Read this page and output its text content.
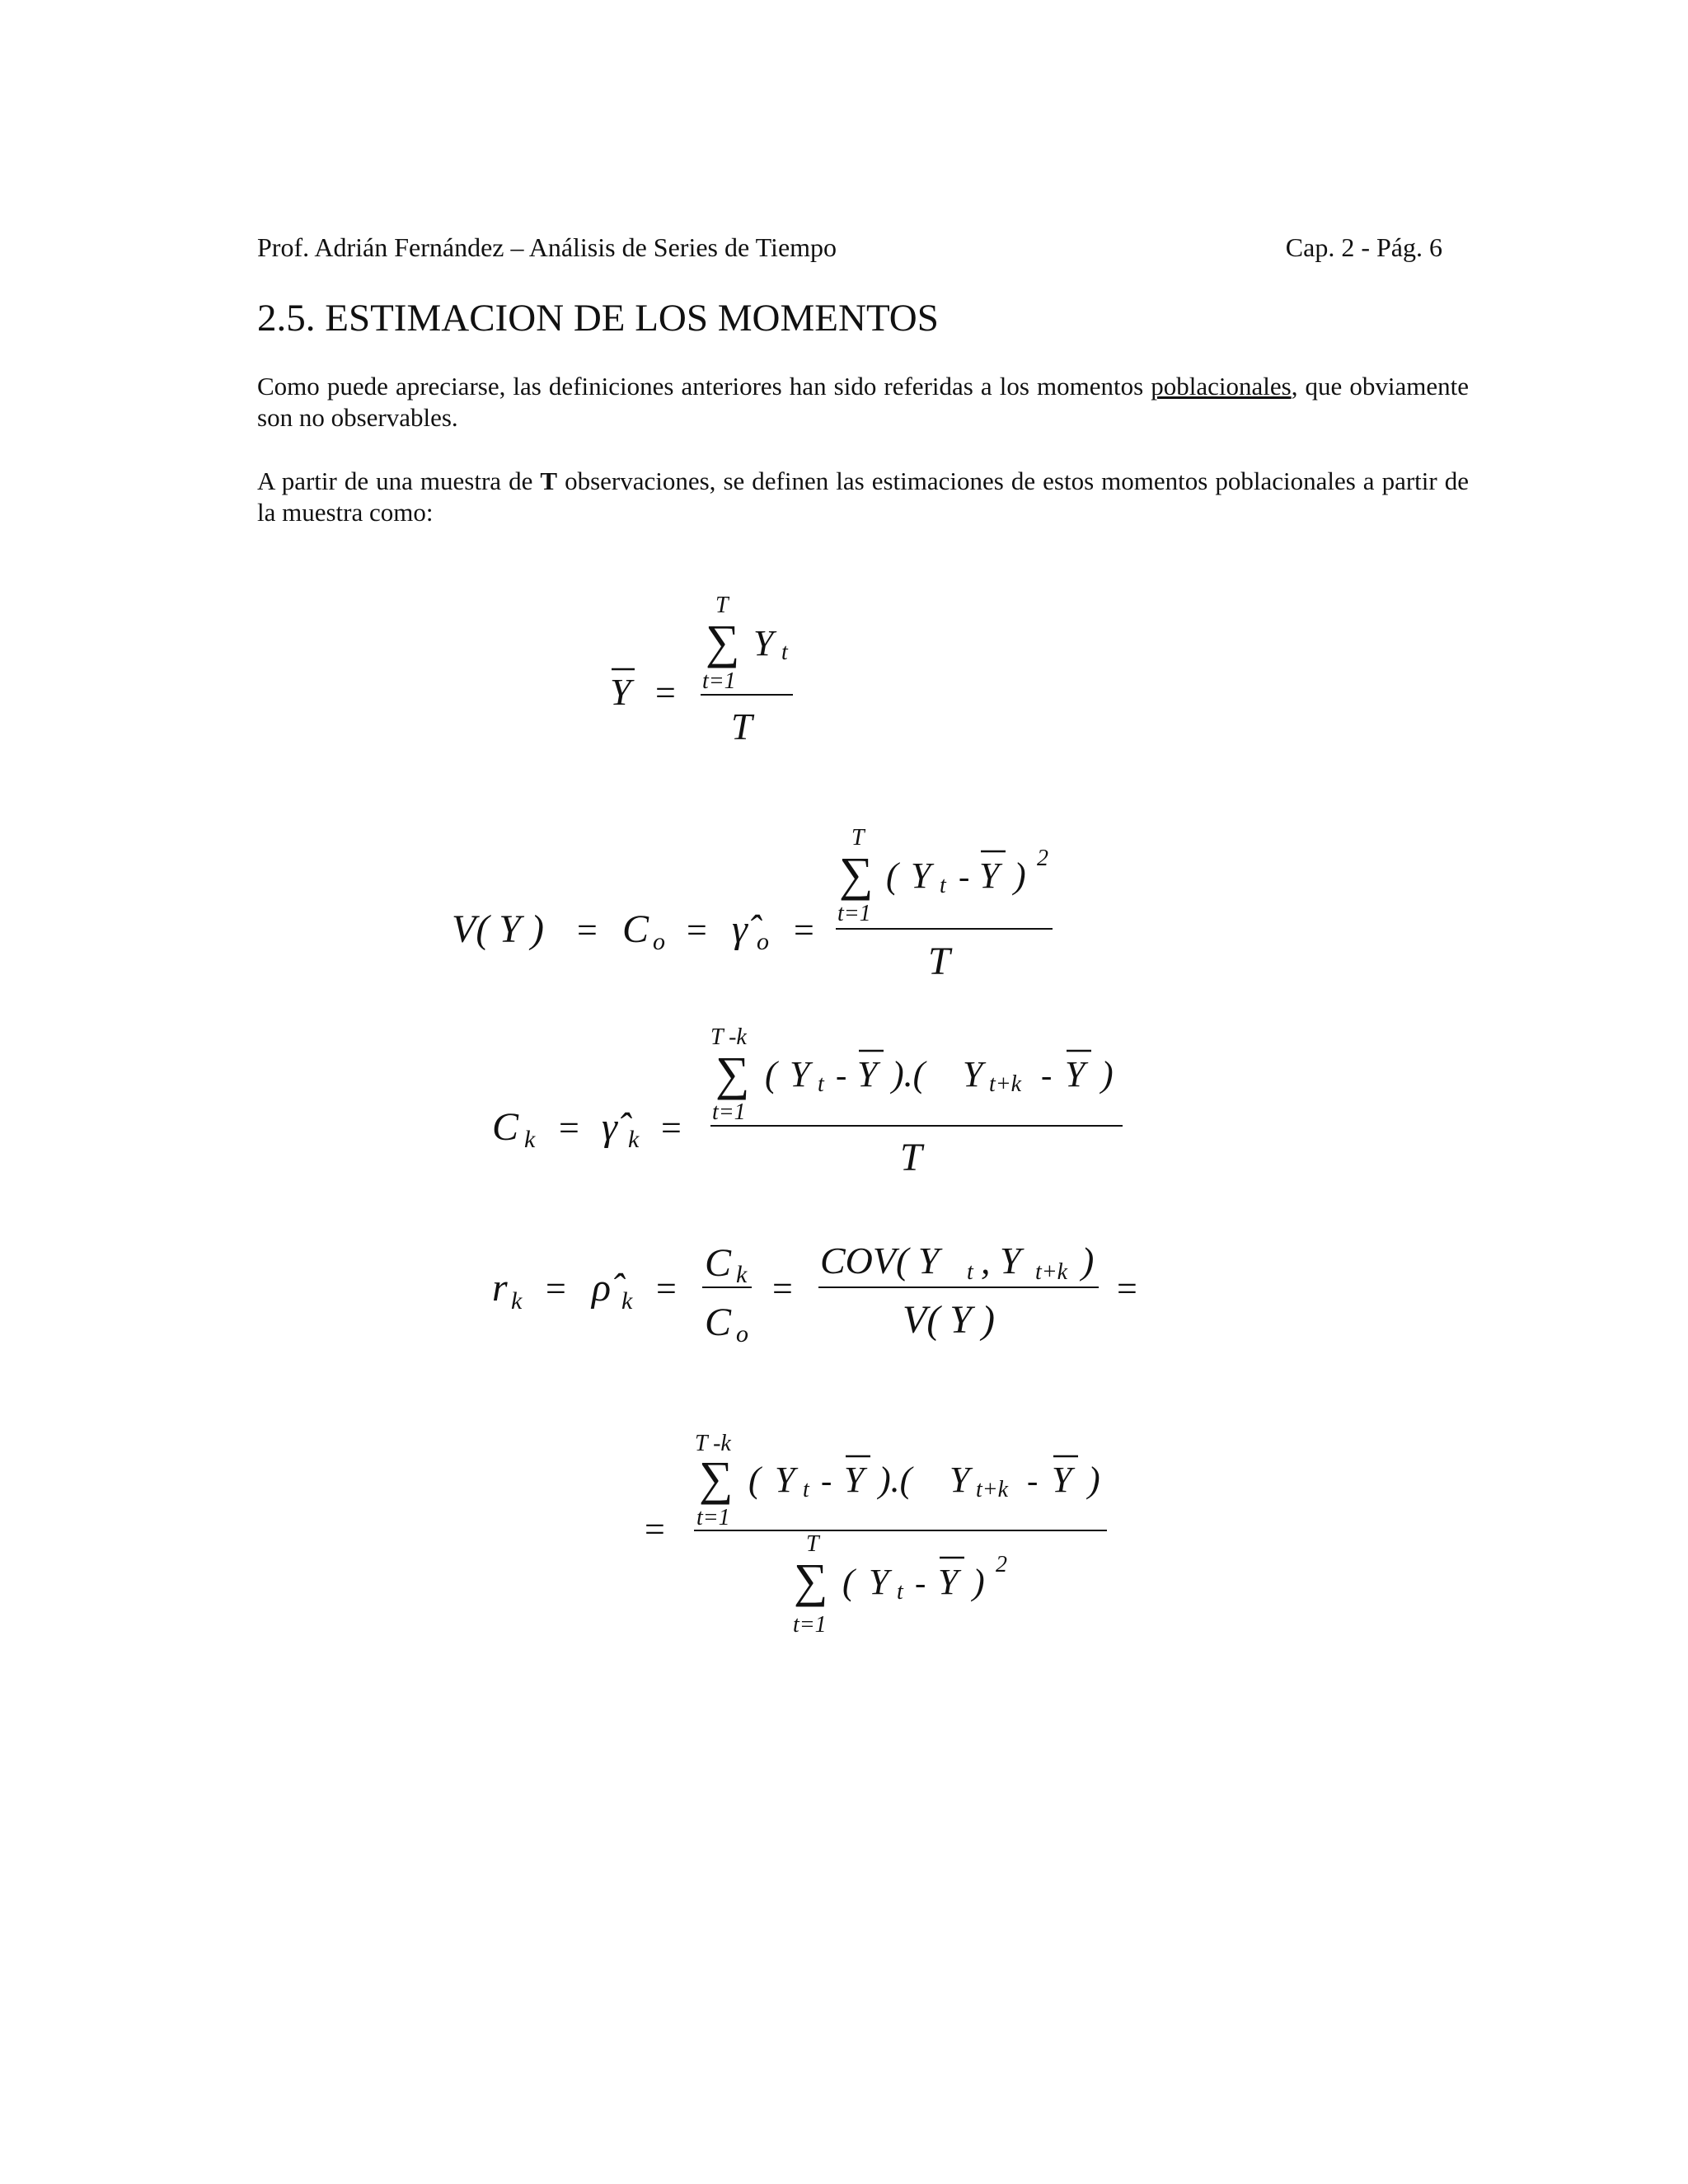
Prof. Adrián Fernández – Análisis de Series de Tiempo	Cap. 2 - Pág. 6
2.5. ESTIMACION DE LOS MOMENTOS
Como puede apreciarse, las definiciones anteriores han sido referidas a los momentos poblacionales, que obviamente son no observables.
A partir de una muestra de T observaciones, se definen las estimaciones de estos momentos poblacionales a partir de la muestra como:
Y =
T
∑ Y t
t=1
T
V( Y ) = C o = γ̂ o =
T
∑ ( Y t - Y ) 2
t=1
T
C k = γ̂ k =
T -k
∑ ( Y t - Y ).( Y t+k - Y )
t=1
T
r k = ρ̂ k =
C k
C o
=
COV( Y t , Y t+k )
V( Y )
=
=
T -k
∑ ( Y t - Y ).( Y t+k - Y )
t=1
T
∑ ( Y t - Y ) 2
t=1
